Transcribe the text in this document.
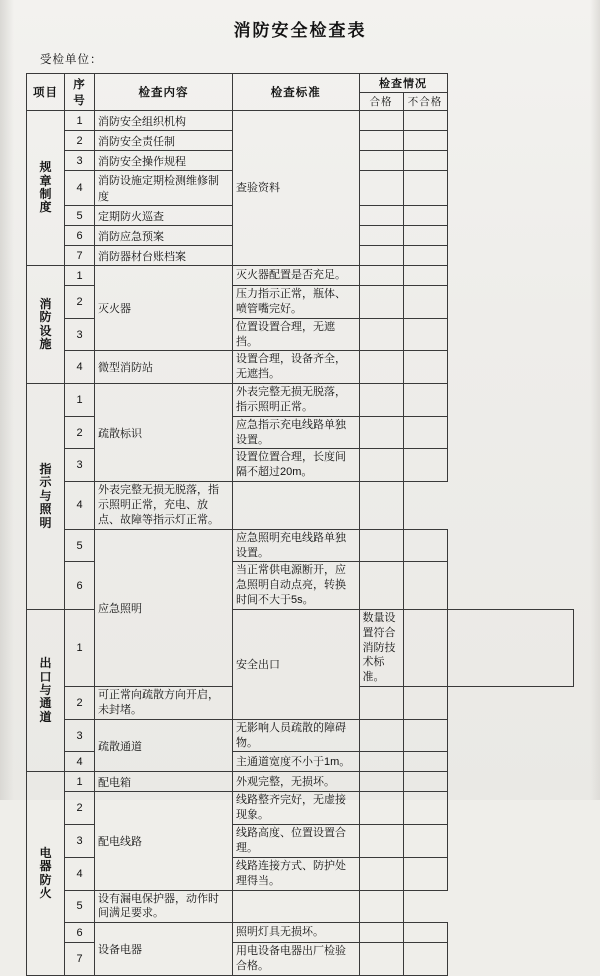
消防安全检查表
受检单位：
项目	序号	检查内容	检查标准	检查情况		
				合格	不合格	

规
章
制
度	1	消防安全组织机构	查验资料			
	2	消防安全责任制				
	3	消防安全操作规程				
	4	消防设施定期检测维修制度				
	5	定期防火巡查				
	6	消防应急预案				
	7	消防器材台账档案				

消
防
设
施	1	灭火器	灭火器配置是否充足。			
	2		压力指示正常，瓶体、喷管嘴完好。			
	3		位置设置合理，无遮挡。			
	4	微型消防站	设置合理，设备齐全，无遮挡。			

指
示
与
照
明	1	疏散标识	外表完整无损无脱落，指示照明正常。			
	2		应急指示充电线路单独设置。			
	3		设置位置合理，长度间隔不超过20m。			
	4	外表完整无损无脱落，指示照明正常，充电、放点、故障等指示灯正常。				
	5	应急照明	应急照明充电线路单独设置。			
	6		当正常供电源断开，应急照明自动点亮，转换时间不大于5s。			

出
口
与
通
道	1		安全出口	数量设置符合消防技术标准。		
	2	可正常向疏散方向开启，未封堵。				
	3	疏散通道	无影响人员疏散的障碍物。			
	4		主通道宽度不小于1m。			

电
器
防
火	1	配电箱	外观完整，无损坏。			
	2	配电线路	线路整齐完好，无虚接现象。			
	3		线路高度、位置设置合理。			
	4		线路连接方式、防护处理得当。			
	5	设有漏电保护器，动作时间满足要求。				
	6	设备电器	照明灯具无损坏。			
	7		用电设备电器出厂检验合格。			
